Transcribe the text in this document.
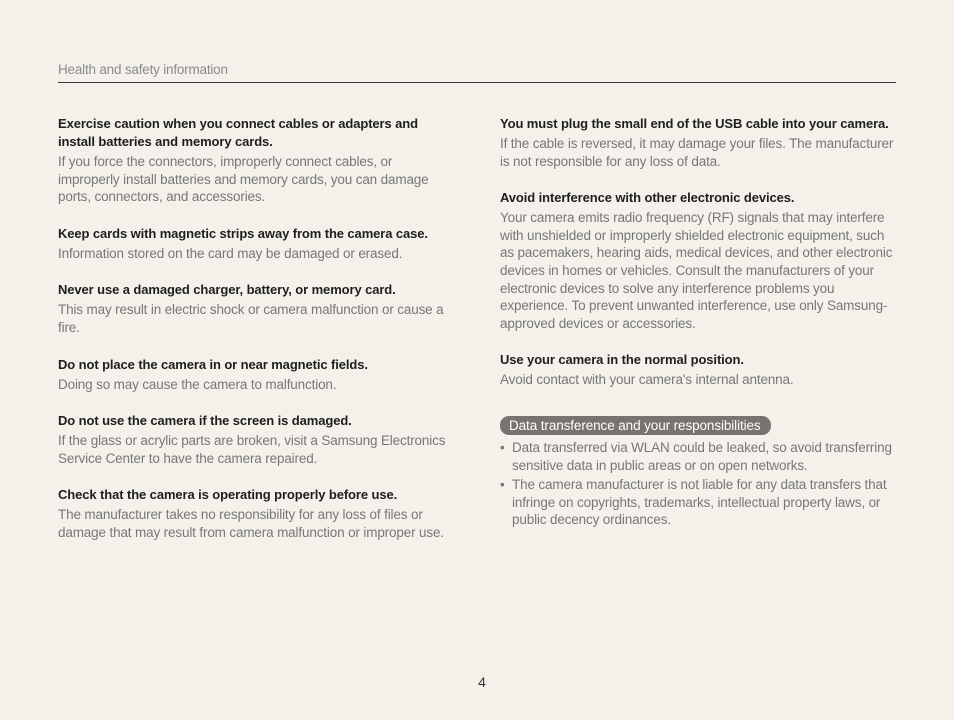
Health and safety information

Exercise caution when you connect cables or adapters and install batteries and memory cards.

If you force the connectors, improperly connect cables, or improperly install batteries and memory cards, you can damage ports, connectors, and accessories.

Keep cards with magnetic strips away from the camera case.

Information stored on the card may be damaged or erased.

Never use a damaged charger, battery, or memory card.

This may result in electric shock or camera malfunction or cause a fire.

Do not place the camera in or near magnetic fields.

Doing so may cause the camera to malfunction.

Do not use the camera if the screen is damaged.

If the glass or acrylic parts are broken, visit a Samsung Electronics Service Center to have the camera repaired.

Check that the camera is operating properly before use.

The manufacturer takes no responsibility for any loss of files or damage that may result from camera malfunction or improper use.

You must plug the small end of the USB cable into your camera.

If the cable is reversed, it may damage your files. The manufacturer is not responsible for any loss of data.

Avoid interference with other electronic devices.

Your camera emits radio frequency (RF) signals that may interfere with unshielded or improperly shielded electronic equipment, such as pacemakers, hearing aids, medical devices, and other electronic devices in homes or vehicles. Consult the manufacturers of your electronic devices to solve any interference problems you experience. To prevent unwanted interference, use only Samsung-approved devices or accessories.

Use your camera in the normal position.

Avoid contact with your camera's internal antenna.

Data transference and your responsibilities
• Data transferred via WLAN could be leaked, so avoid transferring sensitive data in public areas or on open networks.
• The camera manufacturer is not liable for any data transfers that infringe on copyrights, trademarks, intellectual property laws, or public decency ordinances.
4
